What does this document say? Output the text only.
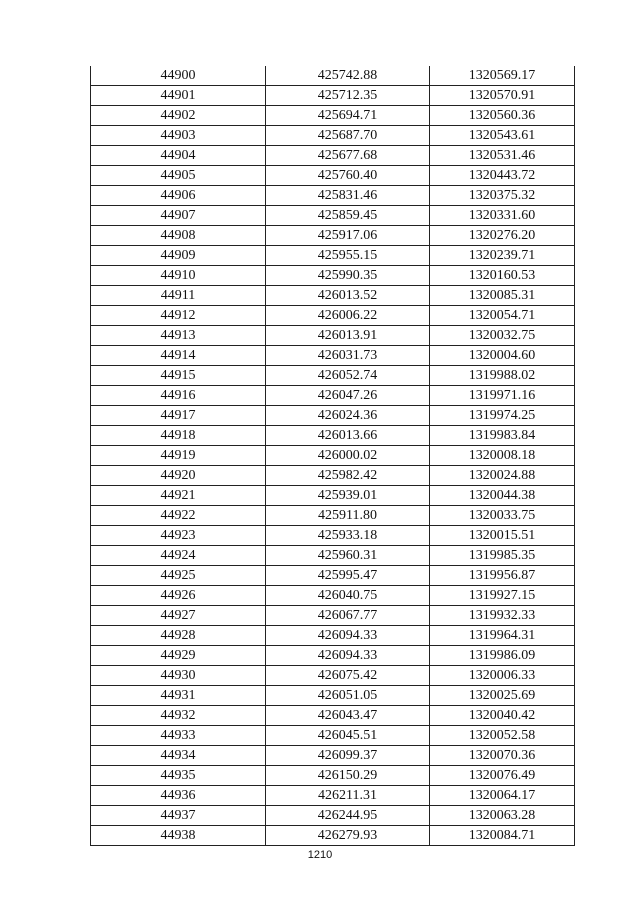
44900	425742.88	1320569.17
44901	425712.35	1320570.91
44902	425694.71	1320560.36
44903	425687.70	1320543.61
44904	425677.68	1320531.46
44905	425760.40	1320443.72
44906	425831.46	1320375.32
44907	425859.45	1320331.60
44908	425917.06	1320276.20
44909	425955.15	1320239.71
44910	425990.35	1320160.53
44911	426013.52	1320085.31
44912	426006.22	1320054.71
44913	426013.91	1320032.75
44914	426031.73	1320004.60
44915	426052.74	1319988.02
44916	426047.26	1319971.16
44917	426024.36	1319974.25
44918	426013.66	1319983.84
44919	426000.02	1320008.18
44920	425982.42	1320024.88
44921	425939.01	1320044.38
44922	425911.80	1320033.75
44923	425933.18	1320015.51
44924	425960.31	1319985.35
44925	425995.47	1319956.87
44926	426040.75	1319927.15
44927	426067.77	1319932.33
44928	426094.33	1319964.31
44929	426094.33	1319986.09
44930	426075.42	1320006.33
44931	426051.05	1320025.69
44932	426043.47	1320040.42
44933	426045.51	1320052.58
44934	426099.37	1320070.36
44935	426150.29	1320076.49
44936	426211.31	1320064.17
44937	426244.95	1320063.28
44938	426279.93	1320084.71
1210
